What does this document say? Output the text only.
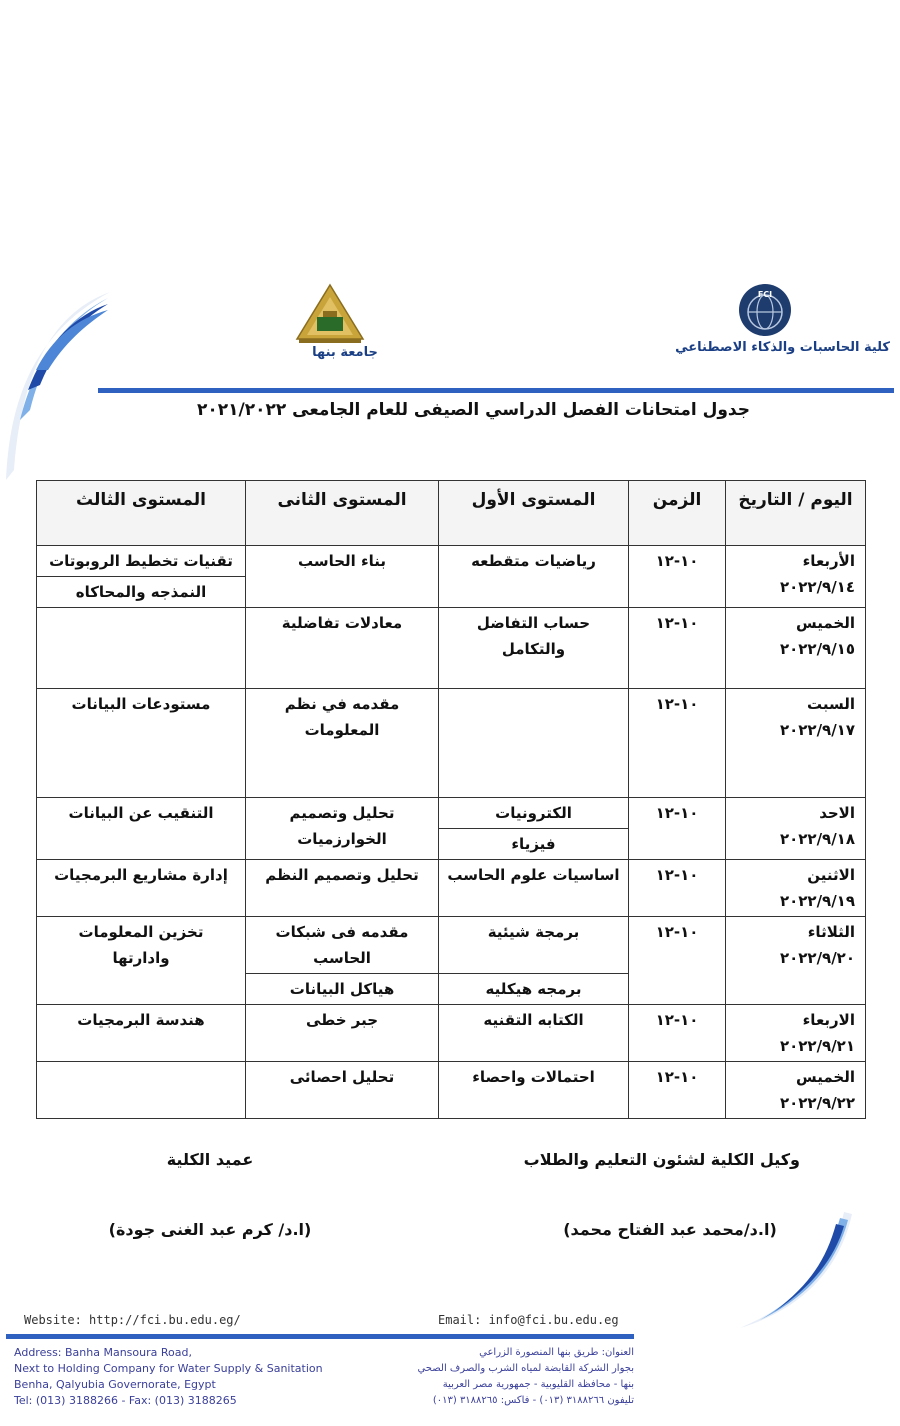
FCI
كلية الحاسبات والذكاء الاصطناعي
جامعة بنها
جدول امتحانات الفصل الدراسي الصيفى للعام الجامعى ٢٠٢١/٢٠٢٢
اليوم / التاريخ	الزمن	المستوى الأول	المستوى الثانى	المستوى الثالث

الأربعاء
٢٠٢٢/٩/١٤	١٠-١٢	رياضيات متقطعه	بناء الحاسب	تقنيات تخطيط الروبوتات
				النمذجه والمحاكاه

الخميس
٢٠٢٢/٩/١٥	١٠-١٢	حساب التفاضل
والتكامل	معادلات تفاضلية	

السبت
٢٠٢٢/٩/١٧	١٠-١٢		مقدمه في نظم
المعلومات	مستودعات البيانات

الاحد
٢٠٢٢/٩/١٨	١٠-١٢	الكترونيات	تحليل وتصميم
الخوارزميات	التنقيب عن البيانات
		فيزياء		

الاثنين
٢٠٢٢/٩/١٩	١٠-١٢	اساسيات علوم الحاسب	تحليل وتصميم النظم	إدارة مشاريع البرمجيات

الثلاثاء
٢٠٢٢/٩/٢٠	١٠-١٢	برمجة شيئية	مقدمه فى شبكات
الحاسب	تخزين المعلومات
وادارتها

		برمجه هيكليه	هياكل البيانات	

الاربعاء
٢٠٢٢/٩/٢١	١٠-١٢	الكتابه التقنيه	جبر خطى	هندسة البرمجيات

الخميس
٢٠٢٢/٩/٢٢	١٠-١٢	احتمالات واحصاء	تحليل احصائى	
عميد الكلية	وكيل الكلية لشئون التعليم والطلاب
(ا.د/ كرم عبد الغنى جودة)	(ا.د/محمد عبد الفتاح محمد)
Website: http://fci.bu.edu.eg/	Email: info@fci.bu.edu.eg
Address: Banha Mansoura Road,
Next to Holding Company for Water Supply & Sanitation
Benha, Qalyubia Governorate, Egypt
Tel: (013) 3188266 - Fax: (013) 3188265
العنوان: طريق بنها المنصورة الزراعي
بجوار الشركة القابضة لمياه الشرب والصرف الصحي
بنها - محافظة القليوبية - جمهورية مصر العربية
تليفون ٣١٨٨٢٦٦ (٠١٣) - فاكس: ٣١٨٨٢٦٥ (٠١٣)
